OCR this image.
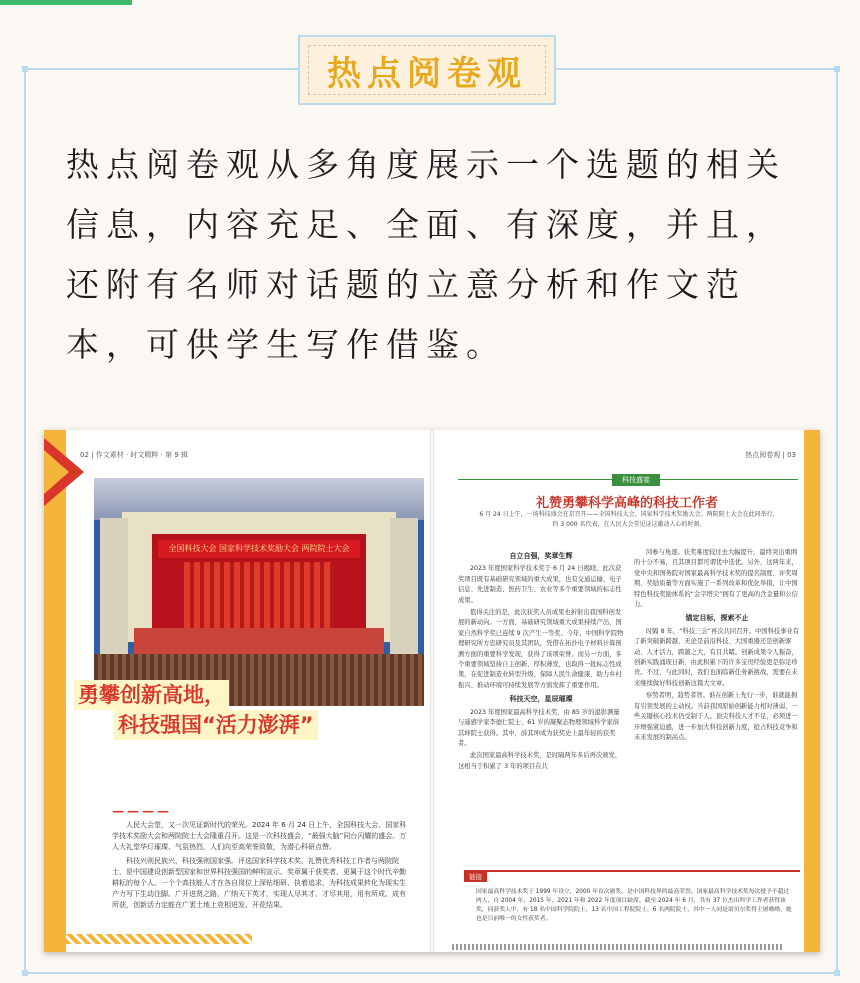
热点阅卷观
热点阅卷观从多角度展示一个选题的相关信息，内容充足、全面、有深度，并且，还附有名师对话题的立意分析和作文范本，可供学生写作借鉴。
02 | 作文素材 · 时文精粹 · 第 9 辑
全国科技大会 国家科学技术奖励大会 两院院士大会
勇攀创新高地，
科技强国“活力澎湃”
————

人民大会堂，又一次见证新时代的荣光。2024 年 6 月 24 日上午，全国科技大会、国家科学技术奖励大会和两院院士大会隆重召开。这是一次科技盛会，“最强大脑”同台闪耀的盛会。万人大礼堂华灯璀璨、气氛热烈，人们向至高荣誉致敬，为潜心科研点赞。

科技兴则民族兴，科技强则国家强。评选国家科学技术奖、礼赞优秀科技工作者与两院院士，是中国建设创新型国家和世界科技强国的鲜明宣示。奖章属于获奖者，更属于这个时代辛勤耕耘的每个人。一个个高技能人才在各自岗位上深钻细研、执着追求，为科技成果转化为现实生产力写下生动注脚。广开进贤之路，广纳天下英才，实现人尽其才、才尽其用，用有所成、成有所获，创新活力定能在广袤土地上竞相迸发、开花结果。

热点阅卷观 | 03
科技盛宴
礼赞勇攀科学高峰的科技工作者
6 月 24 日上午，一场科技盛会在京召开——全国科技大会、国家科学技术奖励大会、两院院士大会在此同举行，约 3 000 名代表，在人民大会堂见证这激动人心的时刻。

自立自强，奖章生辉

2023 年度国家科学技术奖于 6 月 24 日揭晓。此次获奖项目既有基础研究领域的重大成果，也有交通运输、电子信息、先进制造、医药卫生、农业等多个重要领域的标志性成果。

值得关注的是，此次获奖人员成果也折射出我国科创发展的新动向。一方面，基础研究领域重大成果持续产出，国家自然科学奖已连续 9 次产生一等奖。今年，中国科学院物理研究所方忠研究员及其团队，凭借在拓扑电子材料计算预测方面的重要科学发现，获得了该项荣誉。而另一方面，多个重要领域坚持自主创新、厚积薄发，也取得一批标志性成果，在促进制造业转型升级、保障人民生命健康、助力乡村振兴、推动环境可持续发展等方面发挥了重要作用。

科技天空，星辰璀璨

2023 年度国家最高科学技术奖，由 85 岁的湿影测量与遥感学家李德仁院士、61 岁的凝聚态物理领域科学家薛其坤院士获得。其中，薛其坤成为获奖史上最年轻的获奖者。

此次国家最高科学技术奖，是时隔两年多后再次颁发，这相当于积累了 3 年的项目在共

同参与角逐。获奖难度较过去大幅提升，最终突出重围的十分不易，且其项目都可谓优中选优。另外，这两年来，党中央和国务院对国家最高科学技术奖的提名制度、评奖周期、奖励质量等方面实施了一系列改革和优化举措，让中国特色科技奖励体系的“金字塔尖”拥有了更高的含金量和公信力。

锚定目标，探索不止

时隔 8 年，“科技三会”再次共同召开。中国科技事业有了新突破新跨越，无论是前沿科技、大国重器还是创新驱动、人才活力，跨越之大，有目共睹。创新成果令人振奋，创新实践涌现日新，由此积累下的许多宝贵经验更是弥足珍贵。不过，与此同时，我们也面临新任务新挑战，需要在未来继续做好科技创新这篇大文章。

察势者明，趋势者智。谁在创新上先行一步，谁就能拥有引领发展的主动权。当前我国原始创新能力相对薄弱，一些关键核心技术仍受制于人。顶尖科技人才不足，必须进一步增强紧迫感，进一步加大科技创新力度，抢占科技竞争和未来发展的制高点。

链接
国家最高科学技术奖于 1999 年设立，2000 年首次颁奖，是中国科技界的最高荣誉。国家最高科学技术奖每次授予不超过两人，自 2004 年、2015 年、2021 年和 2022 年度项目缺席。截至 2024 年 6 月，共有 37 位杰出科学工作者获得该奖，同获奖人中，有 18 名中国科学院院士，13 名中国工程院院士，6 名两院院士，其中一人同是诺贝尔奖得主屠呦呦，她也是目前唯一的女性获奖者。
